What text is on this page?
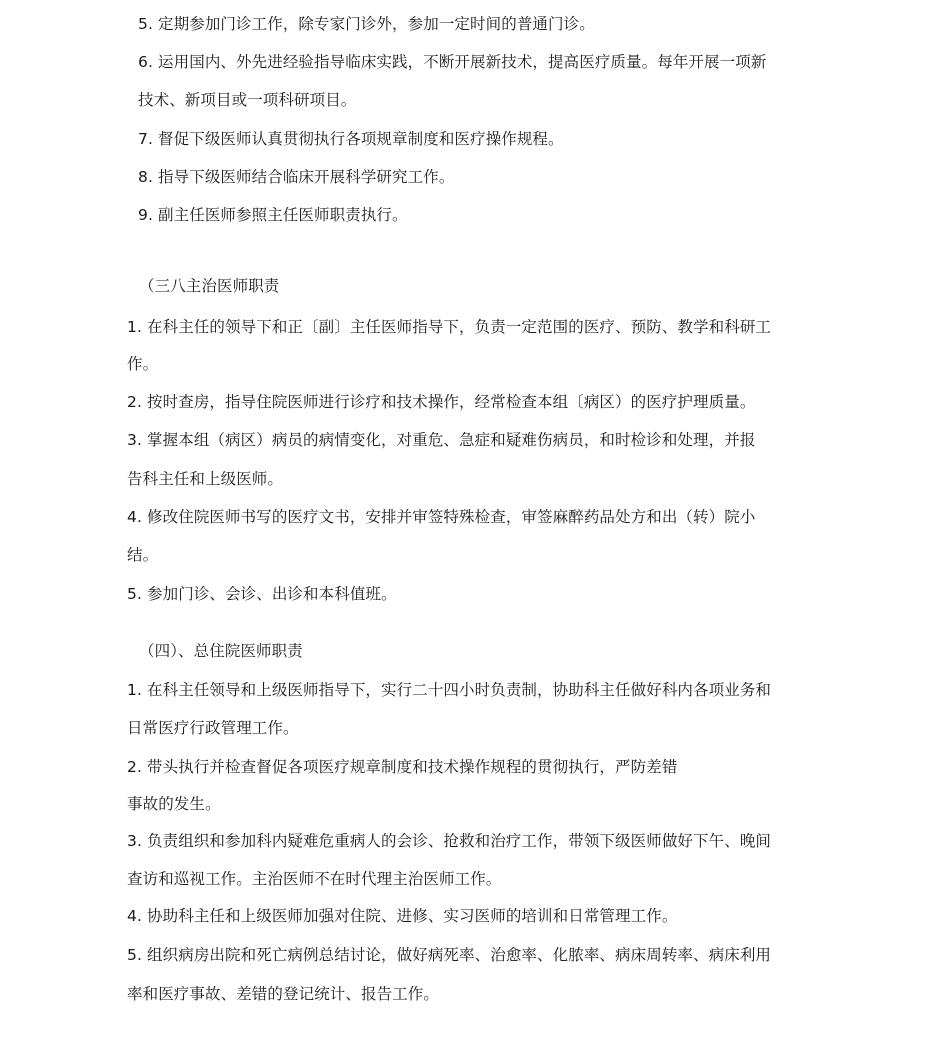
5. 定期参加门诊工作，除专家门诊外，参加一定时间的普通门诊。
6. 运用国内、外先进经验指导临床实践，不断开展新技术，提高医疗质量。每年开展一项新
技术、新项目或一项科研项目。
7. 督促下级医师认真贯彻执行各项规章制度和医疗操作规程。
8. 指导下级医师结合临床开展科学研究工作。
9. 副主任医师参照主任医师职责执行。
（三八主治医师职责
1. 在科主任的领导下和正〔副〕主任医师指导下，负责一定范围的医疗、预防、教学和科研工
作。
2. 按时查房，指导住院医师进行诊疗和技术操作，经常检查本组〔病区）的医疗护理质量。
3. 掌握本组（病区）病员的病情变化，对重危、急症和疑难伤病员，和时检诊和处理，并报
告科主任和上级医师。
4. 修改住院医师书写的医疗文书，安排并审签特殊检查，审签麻醉药品处方和出（转）院小
结。
5. 参加门诊、会诊、出诊和本科值班。
（四）、总住院医师职责
1. 在科主任领导和上级医师指导下，实行二十四小时负责制，协助科主任做好科内各项业务和
日常医疗行政管理工作。
2. 带头执行并检查督促各项医疗规章制度和技术操作规程的贯彻执行，严防差错
事故的发生。
3. 负责组织和参加科内疑难危重病人的会诊、抢救和治疗工作，带领下级医师做好下午、晚间
查访和巡视工作。主治医师不在时代理主治医师工作。
4. 协助科主任和上级医师加强对住院、进修、实习医师的培训和日常管理工作。
5. 组织病房出院和死亡病例总结讨论，做好病死率、治愈率、化脓率、病床周转率、病床利用
率和医疗事故、差错的登记统计、报告工作。
